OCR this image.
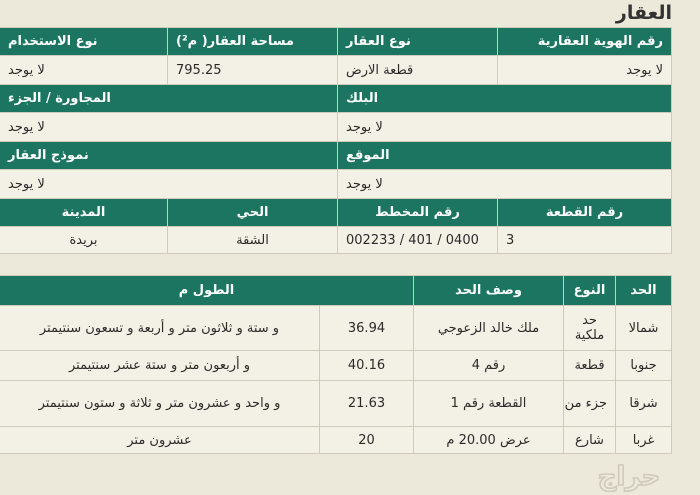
العقار
رقم الهوية العقارية	نوع العقار	مساحة العقار( م²)	نوع الاستخدام
لا يوجد	قطعة الارض	795.25	لا يوجد
البلك		المجاورة / الجزء	
لا يوجد		لا يوجد	
الموقع		نموذج العقار	
لا يوجد		لا يوجد	
رقم القطعة	رقم المخطط	الحي	المدينة
3	0400 / 401 / 002233	الشقة	بريدة
الحد	النوع	وصف الحد	الطول م	
شمالا	حد ملكية	ملك خالد الزعوجي	36.94	و ستة و ثلاثون متر و أربعة و تسعون سنتيمتر
جنوبا	قطعة	رقم 4	40.16	و أربعون متر و ستة عشر سنتيمتر
شرقا	جزء من	القطعة رقم 1	21.63	و واحد و عشرون متر و ثلاثة و ستون سنتيمتر
غربا	شارع	عرض 20.00 م	20	عشرون متر
حراج
